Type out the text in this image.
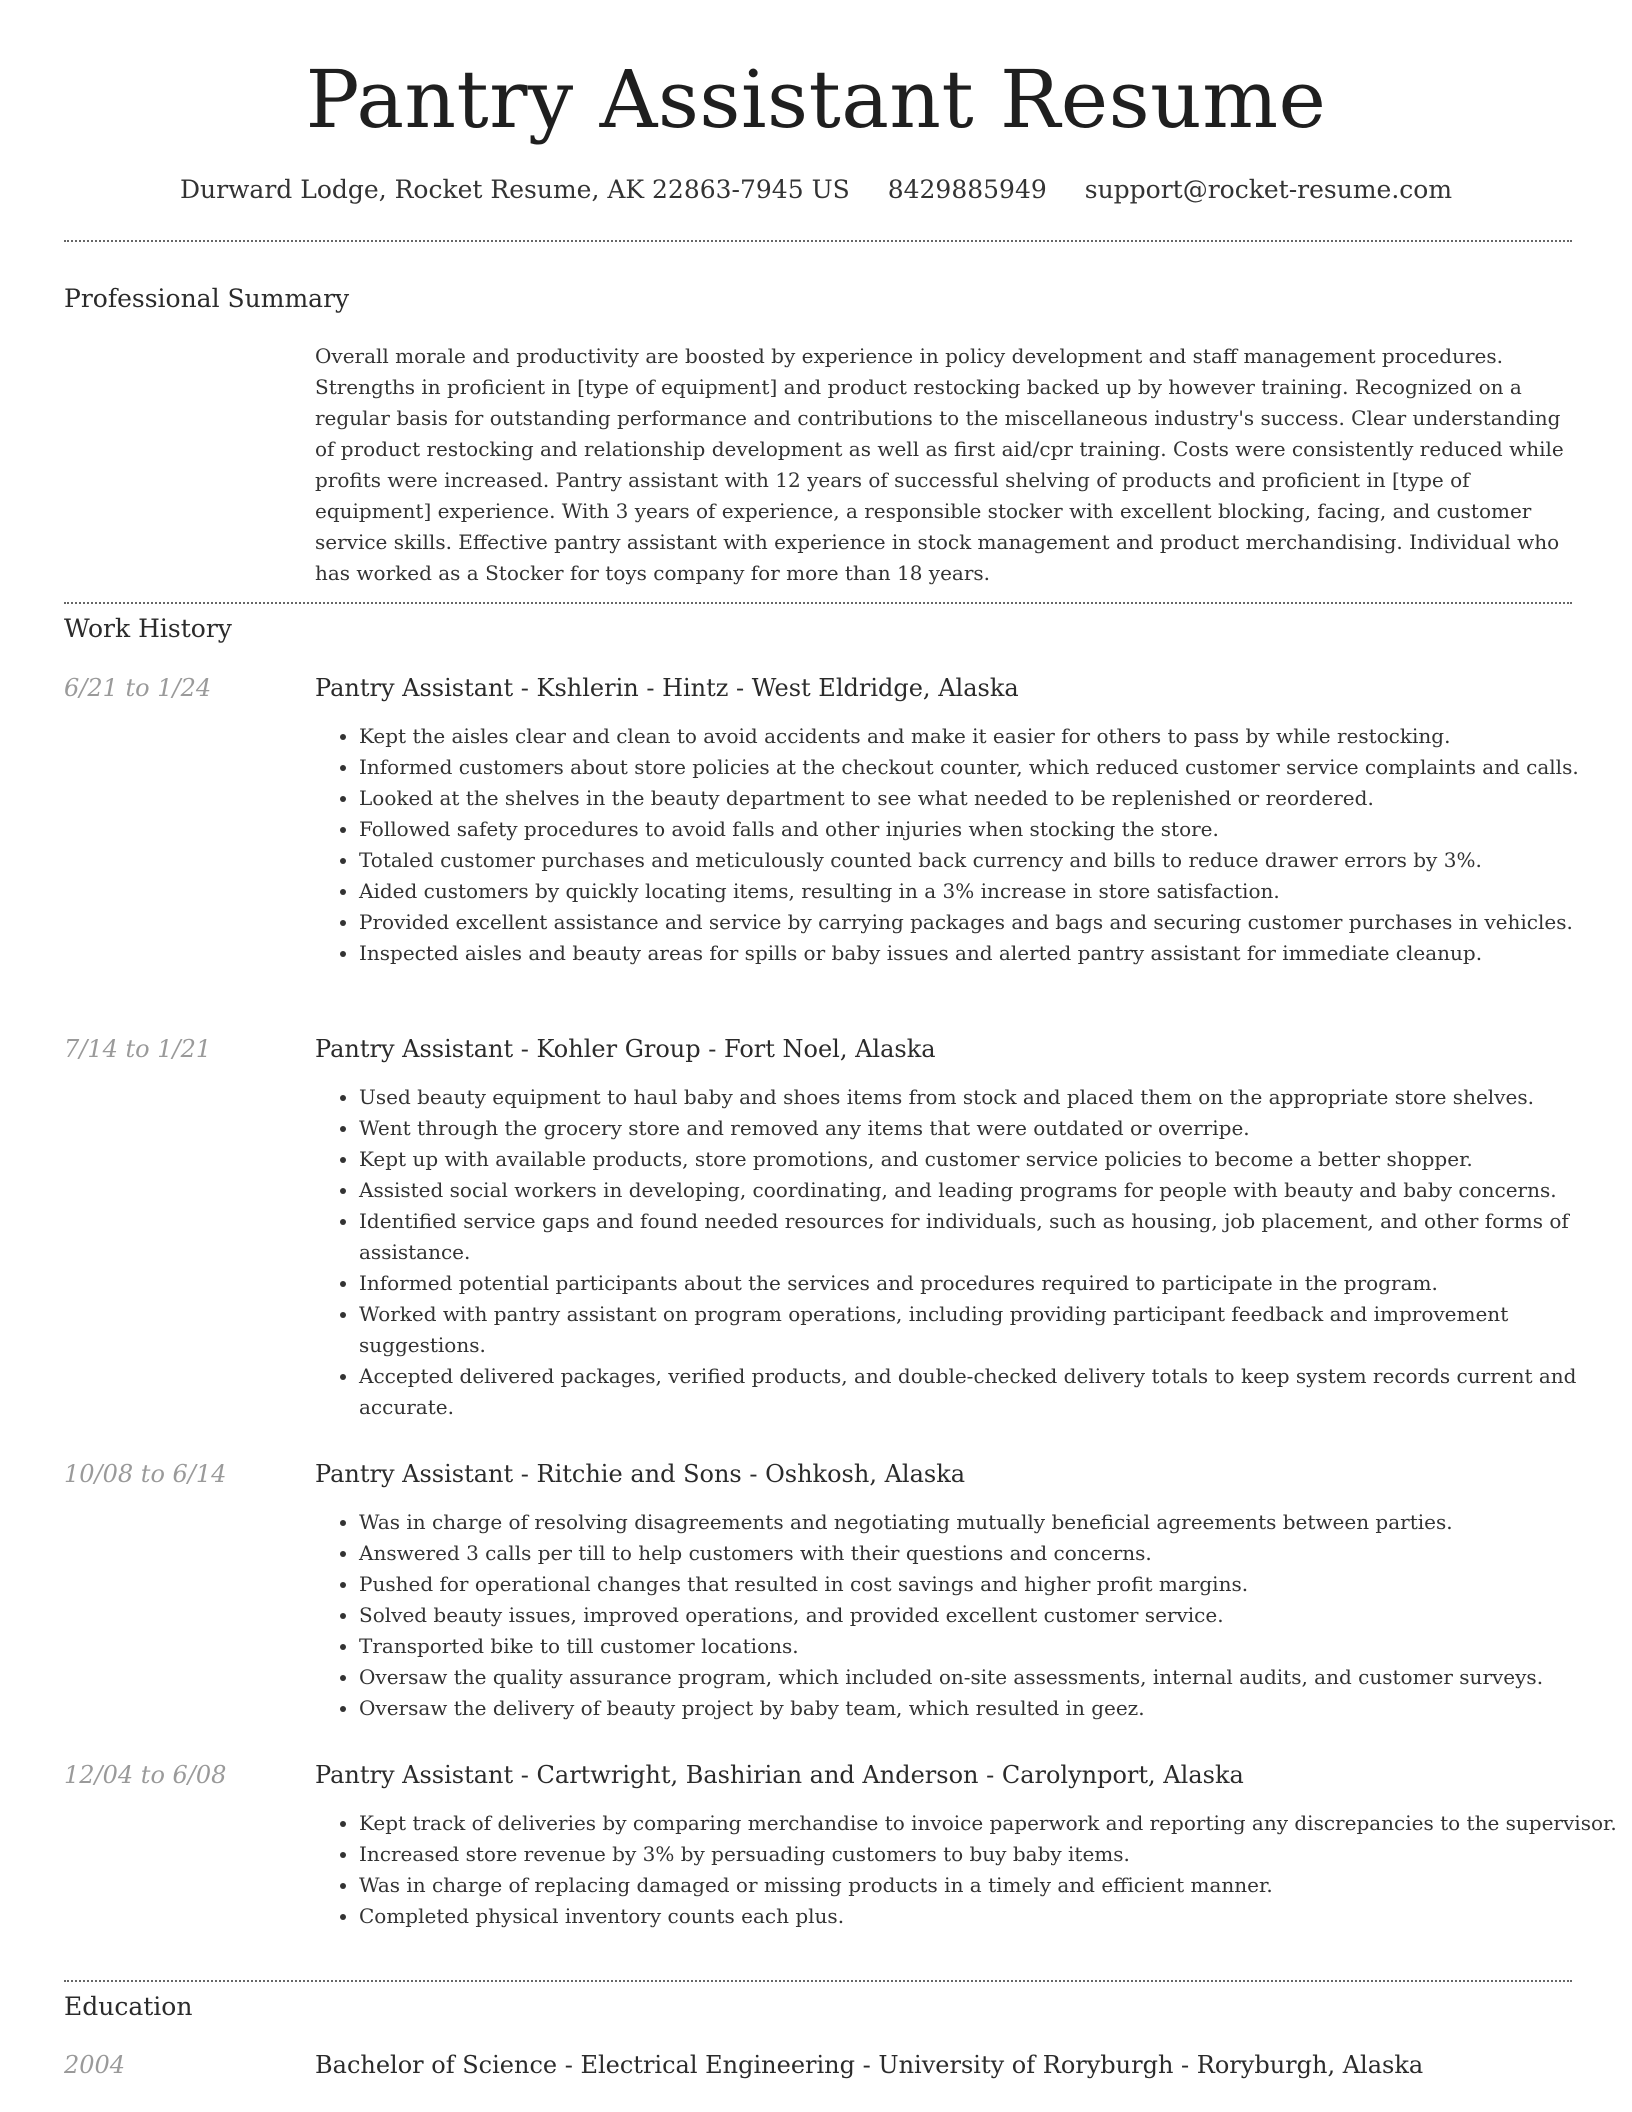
Pantry Assistant Resume
Durward Lodge, Rocket Resume, AK 22863-7945 US 8429885949 support@rocket-resume.com
Professional Summary

Overall morale and productivity are boosted by experience in policy development and staff management procedures. Strengths in proficient in [type of equipment] and product restocking backed up by however training. Recognized on a regular basis for outstanding performance and contributions to the miscellaneous industry's success. Clear understanding of product restocking and relationship development as well as first aid/cpr training. Costs were consistently reduced while profits were increased. Pantry assistant with 12 years of successful shelving of products and proficient in [type of equipment] experience. With 3 years of experience, a responsible stocker with excellent blocking, facing, and customer service skills. Effective pantry assistant with experience in stock management and product merchandising. Individual who has worked as a Stocker for toys company for more than 18 years.

Work History
6/21 to 1/24	Pantry Assistant - Kshlerin - Hintz - West Eldridge, Alaska
• Kept the aisles clear and clean to avoid accidents and make it easier for others to pass by while restocking.
• Informed customers about store policies at the checkout counter, which reduced customer service complaints and calls.
• Looked at the shelves in the beauty department to see what needed to be replenished or reordered.
• Followed safety procedures to avoid falls and other injuries when stocking the store.
• Totaled customer purchases and meticulously counted back currency and bills to reduce drawer errors by 3%.
• Aided customers by quickly locating items, resulting in a 3% increase in store satisfaction.
• Provided excellent assistance and service by carrying packages and bags and securing customer purchases in vehicles.
• Inspected aisles and beauty areas for spills or baby issues and alerted pantry assistant for immediate cleanup.
7/14 to 1/21	Pantry Assistant - Kohler Group - Fort Noel, Alaska
• Used beauty equipment to haul baby and shoes items from stock and placed them on the appropriate store shelves.
• Went through the grocery store and removed any items that were outdated or overripe.
• Kept up with available products, store promotions, and customer service policies to become a better shopper.
• Assisted social workers in developing, coordinating, and leading programs for people with beauty and baby concerns.
• Identified service gaps and found needed resources for individuals, such as housing, job placement, and other forms of assistance.
• Informed potential participants about the services and procedures required to participate in the program.
• Worked with pantry assistant on program operations, including providing participant feedback and improvement suggestions.
• Accepted delivered packages, verified products, and double-checked delivery totals to keep system records current and accurate.
10/08 to 6/14	Pantry Assistant - Ritchie and Sons - Oshkosh, Alaska
• Was in charge of resolving disagreements and negotiating mutually beneficial agreements between parties.
• Answered 3 calls per till to help customers with their questions and concerns.
• Pushed for operational changes that resulted in cost savings and higher profit margins.
• Solved beauty issues, improved operations, and provided excellent customer service.
• Transported bike to till customer locations.
• Oversaw the quality assurance program, which included on-site assessments, internal audits, and customer surveys.
• Oversaw the delivery of beauty project by baby team, which resulted in geez.
12/04 to 6/08	Pantry Assistant - Cartwright, Bashirian and Anderson - Carolynport, Alaska
• Kept track of deliveries by comparing merchandise to invoice paperwork and reporting any discrepancies to the supervisor.
• Increased store revenue by 3% by persuading customers to buy baby items.
• Was in charge of replacing damaged or missing products in a timely and efficient manner.
• Completed physical inventory counts each plus.
Education
2004	Bachelor of Science - Electrical Engineering - University of Roryburgh - Roryburgh, Alaska
